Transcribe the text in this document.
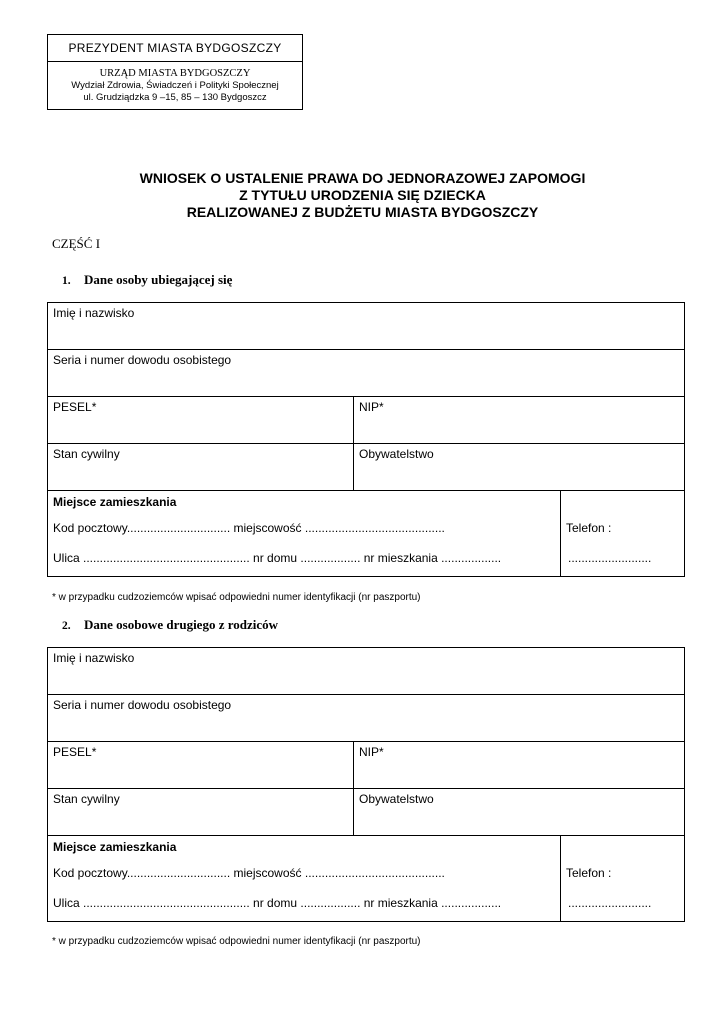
PREZYDENT MIASTA BYDGOSZCZY
URZĄD MIASTA BYDGOSZCZY
Wydział Zdrowia, Świadczeń i Polityki Społecznej
ul. Grudziądzka 9 –15, 85 – 130 Bydgoszcz
WNIOSEK O USTALENIE PRAWA DO JEDNORAZOWEJ ZAPOMOGI
Z TYTUŁU URODZENIA SIĘ DZIECKA
REALIZOWANEJ Z BUDŻETU MIASTA BYDGOSZCZY
CZĘŚĆ I
1. Dane osoby ubiegającej się
Imię i nazwisko		
Seria i numer dowodu osobistego		
PESEL*	NIP*	
Stan cywilny	Obywatelstwo	

Miejsce zamieszkania
Kod pocztowy............................... miejscowość ..........................................
Ulica .................................................. nr domu .................. nr mieszkania ..................		Telefon :
.........................
* w przypadku cudzoziemców wpisać odpowiedni numer identyfikacji (nr paszportu)
2. Dane osobowe drugiego z rodziców
Imię i nazwisko		
Seria i numer dowodu osobistego		
PESEL*	NIP*	
Stan cywilny	Obywatelstwo	

Miejsce zamieszkania
Kod pocztowy............................... miejscowość ..........................................
Ulica .................................................. nr domu .................. nr mieszkania ..................		Telefon :
.........................
* w przypadku cudzoziemców wpisać odpowiedni numer identyfikacji (nr paszportu)
